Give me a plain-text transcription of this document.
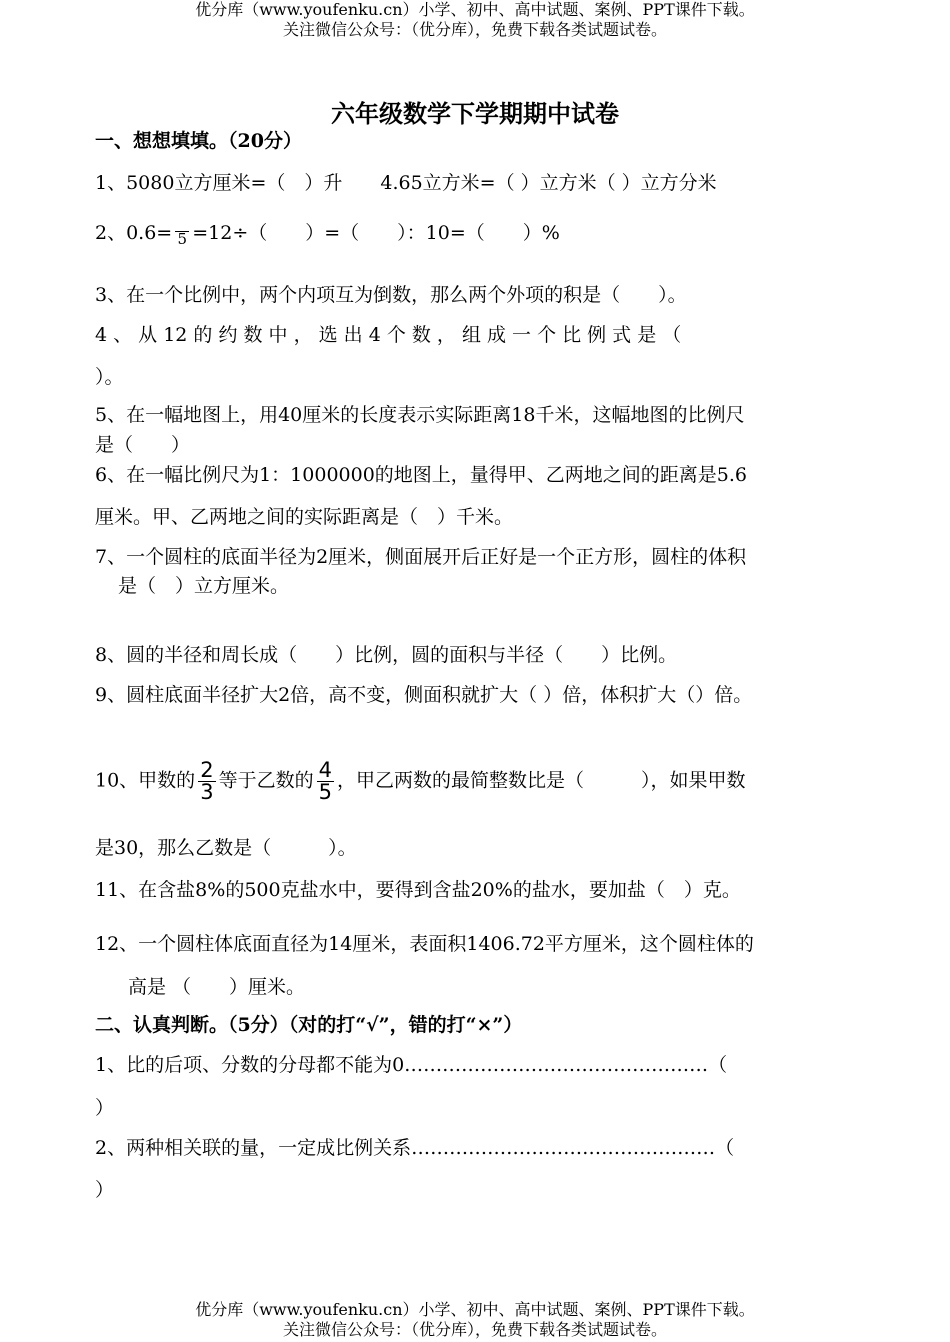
优分库（www.youfenku.cn）小学、初中、高中试题、案例、PPT课件下载。
关注微信公众号：（优分库），免费下载各类试题试卷。
六年级数学下学期期中试卷
一、想想填填。（20分）
1、5080立方厘米=（　）升　　4.65立方米=（ ）立方米（ ）立方分米
2、0.6= 5 =12÷（　　）=（　　）：10=（　　）%
3、在一个比例中，两个内项互为倒数，那么两个外项的积是（　　）。
4 、 从 12 的 约 数 中 ， 选 出 4 个 数 ， 组 成 一 个 比 例 式 是 （
）。
5、在一幅地图上，用40厘米的长度表示实际距离18千米，这幅地图的比例尺
是（　　）
6、在一幅比例尺为1：1000000的地图上，量得甲、乙两地之间的距离是5.6
厘米。甲、乙两地之间的实际距离是（　）千米。
7、一个圆柱的底面半径为2厘米，侧面展开后正好是一个正方形，圆柱的体积
是（　）立方厘米。
8、圆的半径和周长成（　　）比例，圆的面积与半径（　　）比例。
9、圆柱底面半径扩大2倍，高不变，侧面积就扩大（ ）倍，体积扩大（）倍。
10、甲数的 $\frac{2}{3}$ 等于乙数的 $\frac{4}{5}$ ，甲乙两数的最简整数比是（　　　），如果甲数
是30，那么乙数是（　　　）。
11、在含盐8%的500克盐水中，要得到含盐20%的盐水，要加盐（　）克。
12、一个圆柱体底面直径为14厘米，表面积1406.72平方厘米，这个圆柱体的
高是 （　　）厘米。
二、认真判断。（5分）（对的打“√”，错的打“×”）
1、比的后项、分数的分母都不能为0…………………………………………（
）
2、两种相关联的量，一定成比例关系…………………………………………（
）
优分库（www.youfenku.cn）小学、初中、高中试题、案例、PPT课件下载。
关注微信公众号：（优分库），免费下载各类试题试卷。
